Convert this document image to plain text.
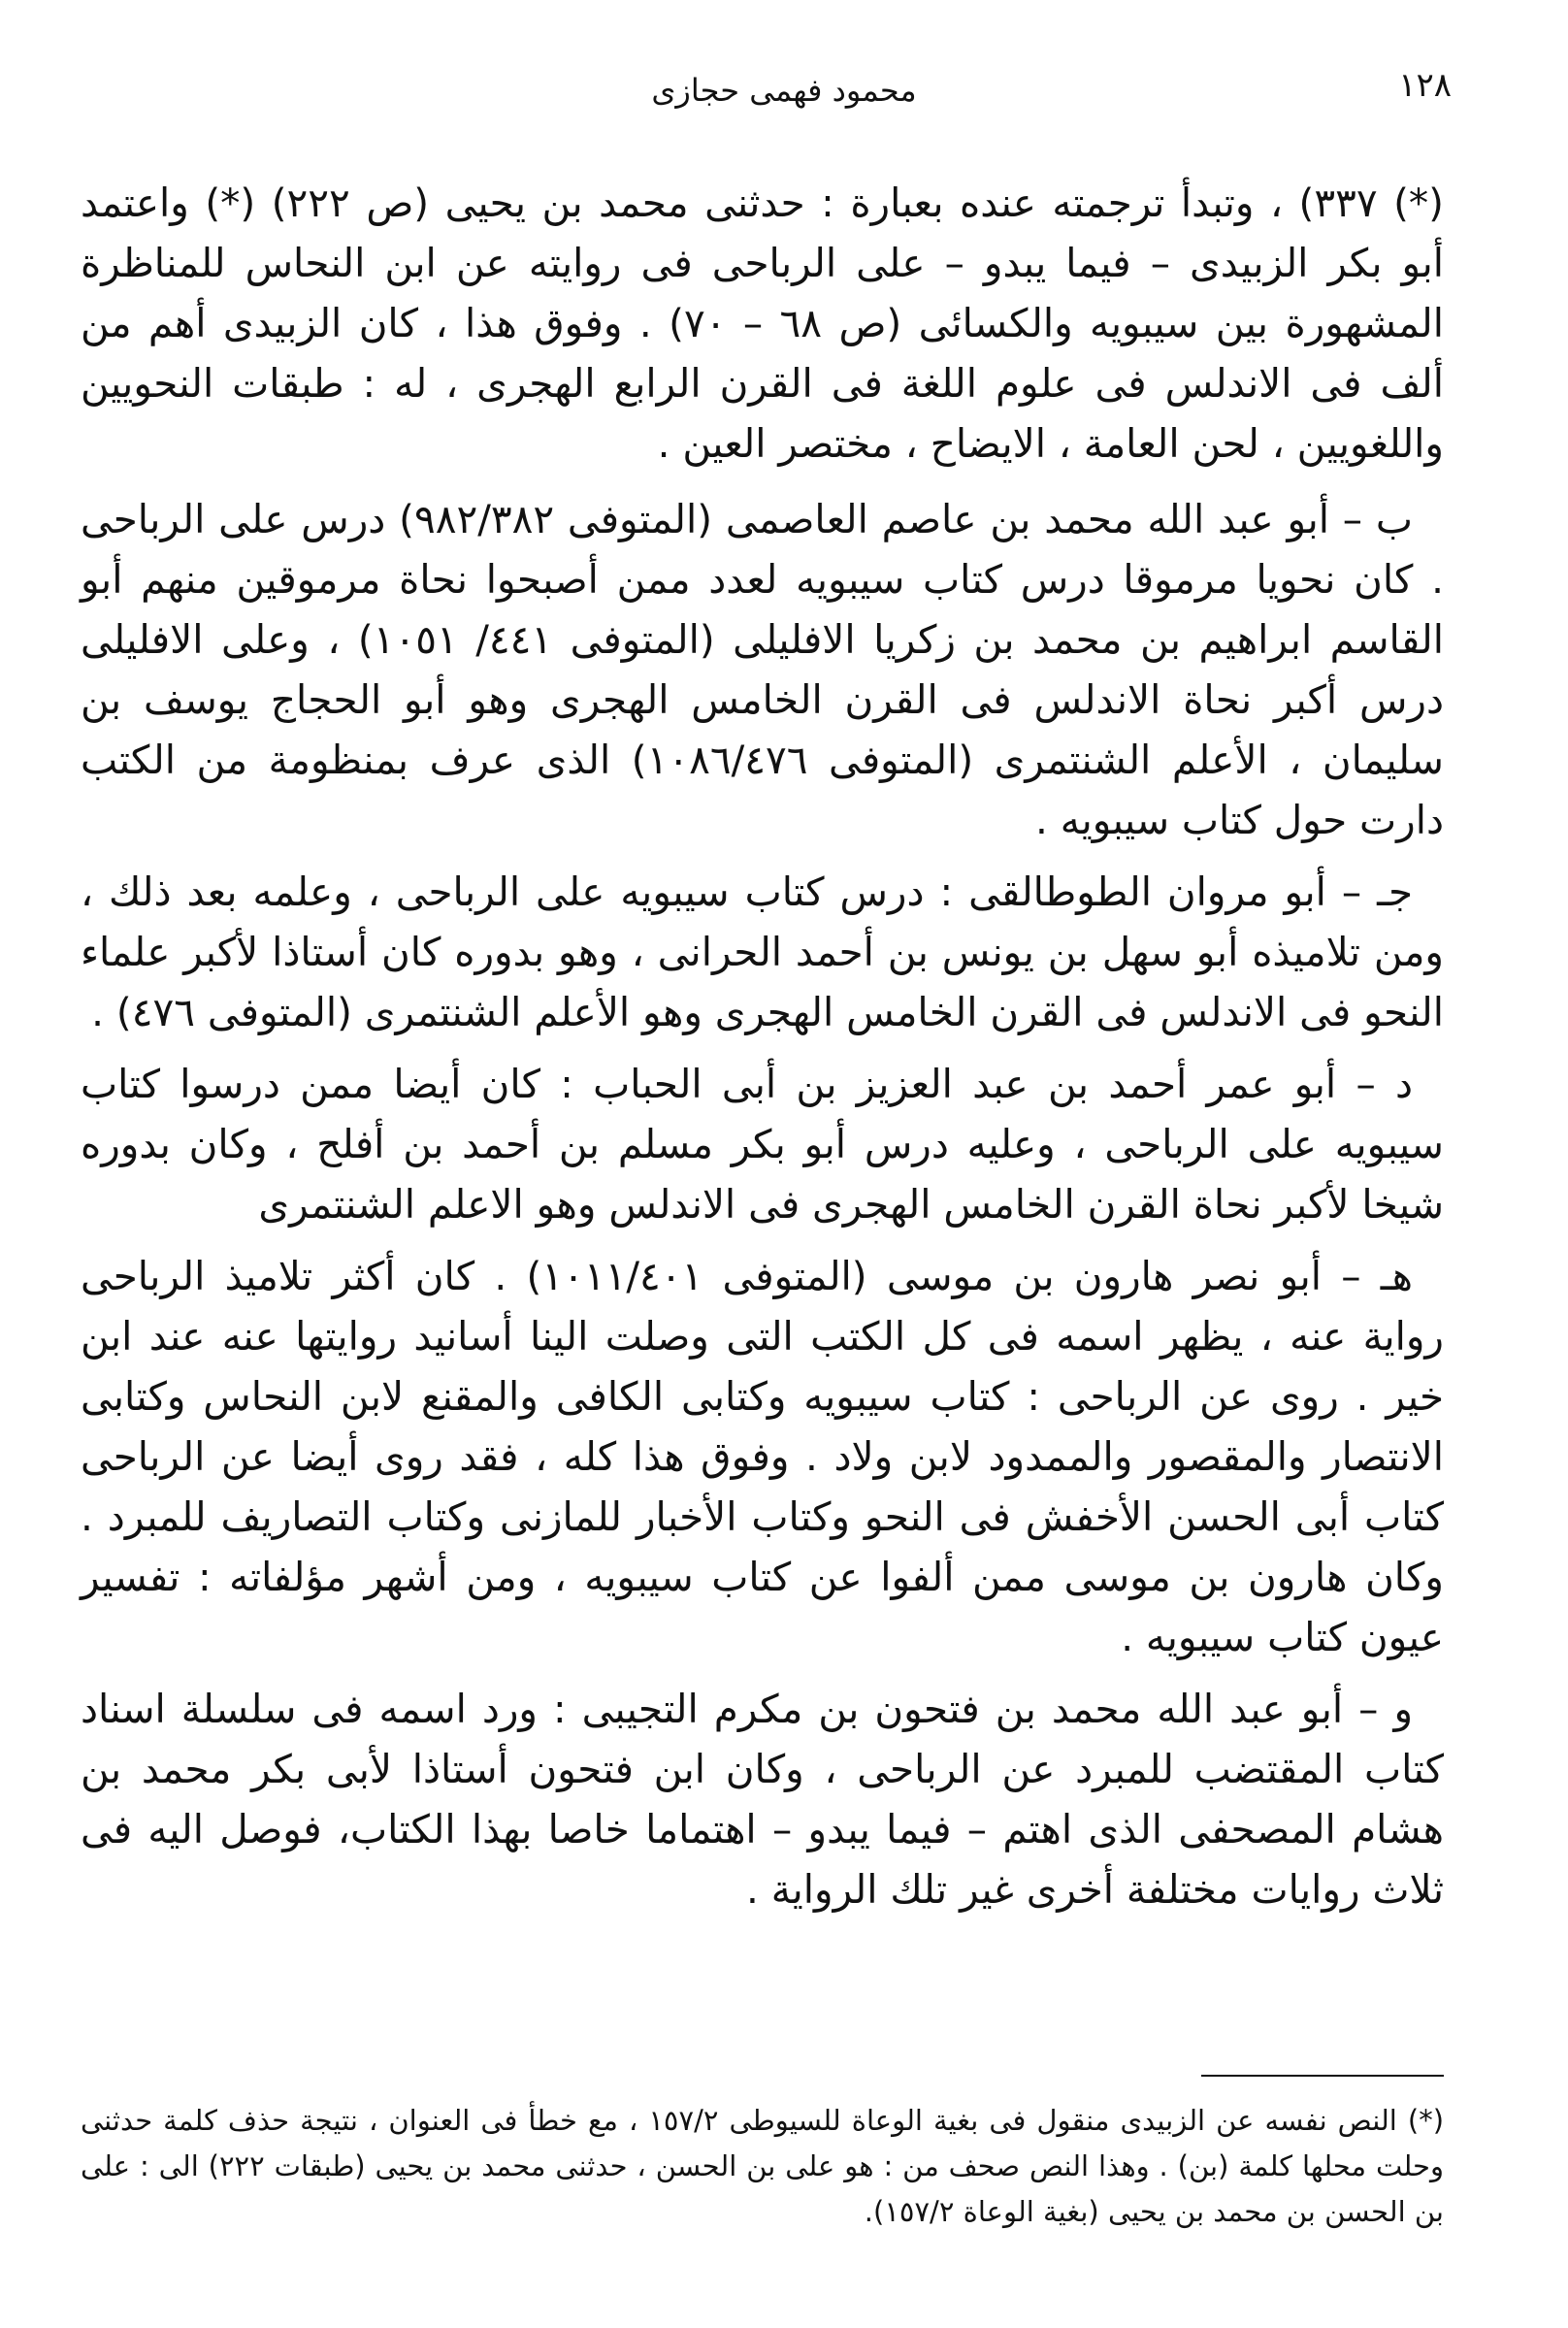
١٢٨
محمود فهمى حجازى

(*) ٣٣٧) ، وتبدأ ترجمته عنده بعبارة : حدثنى محمد بن يحيى (ص ٢٢٢) (*) واعتمد أبو بكر الزبيدى – فيما يبدو – على الرباحى فى روايته عن ابن النحاس للمناظرة المشهورة بين سيبويه والكسائى (ص ٦٨ – ٧٠) . وفوق هذا ، كان الزبيدى أهم من ألف فى الاندلس فى علوم اللغة فى القرن الرابع الهجرى ، له : طبقات النحويين واللغويين ، لحن العامة ، الايضاح ، مختصر العين .

ب – أبو عبد الله محمد بن عاصم العاصمى (المتوفى ٩٨٢/٣٨٢) درس على الرباحى . كان نحويا مرموقا درس كتاب سيبويه لعدد ممن أصبحوا نحاة مرموقين منهم أبو القاسم ابراهيم بن محمد بن زكريا الافليلى (المتوفى ٤٤١/ ١٠٥١) ، وعلى الافليلى درس أكبر نحاة الاندلس فى القرن الخامس الهجرى وهو أبو الحجاج يوسف بن سليمان ، الأعلم الشنتمرى (المتوفى ١٠٨٦/٤٧٦) الذى عرف بمنظومة من الكتب دارت حول كتاب سيبويه .

جـ – أبو مروان الطوطالقى : درس كتاب سيبويه على الرباحى ، وعلمه بعد ذلك ، ومن تلاميذه أبو سهل بن يونس بن أحمد الحرانى ، وهو بدوره كان أستاذا لأكبر علماء النحو فى الاندلس فى القرن الخامس الهجرى وهو الأعلم الشنتمرى (المتوفى ٤٧٦) .

د – أبو عمر أحمد بن عبد العزيز بن أبى الحباب : كان أيضا ممن درسوا كتاب سيبويه على الرباحى ، وعليه درس أبو بكر مسلم بن أحمد بن أفلح ، وكان بدوره شيخا لأكبر نحاة القرن الخامس الهجرى فى الاندلس وهو الاعلم الشنتمرى

هـ – أبو نصر هارون بن موسى (المتوفى ١٠١١/٤٠١) . كان أكثر تلاميذ الرباحى رواية عنه ، يظهر اسمه فى كل الكتب التى وصلت الينا أسانيد روايتها عنه عند ابن خير . روى عن الرباحى : كتاب سيبويه وكتابى الكافى والمقنع لابن النحاس وكتابى الانتصار والمقصور والممدود لابن ولاد . وفوق هذا كله ، فقد روى أيضا عن الرباحى كتاب أبى الحسن الأخفش فى النحو وكتاب الأخبار للمازنى وكتاب التصاريف للمبرد . وكان هارون بن موسى ممن ألفوا عن كتاب سيبويه ، ومن أشهر مؤلفاته : تفسير عيون كتاب سيبويه .

و – أبو عبد الله محمد بن فتحون بن مكرم التجيبى : ورد اسمه فى سلسلة اسناد كتاب المقتضب للمبرد عن الرباحى ، وكان ابن فتحون أستاذا لأبى بكر محمد بن هشام المصحفى الذى اهتم – فيما يبدو – اهتماما خاصا بهذا الكتاب، فوصل اليه فى ثلاث روايات مختلفة أخرى غير تلك الرواية .

(*) النص نفسه عن الزبيدى منقول فى بغية الوعاة للسيوطى ١٥٧/٢ ، مع خطأ فى العنوان ، نتيجة حذف كلمة حدثنى وحلت محلها كلمة (بن) . وهذا النص صحف من : هو على بن الحسن ، حدثنى محمد بن يحيى (طبقات ٢٢٢) الى : على بن الحسن بن محمد بن يحيى (بغية الوعاة ١٥٧/٢).
